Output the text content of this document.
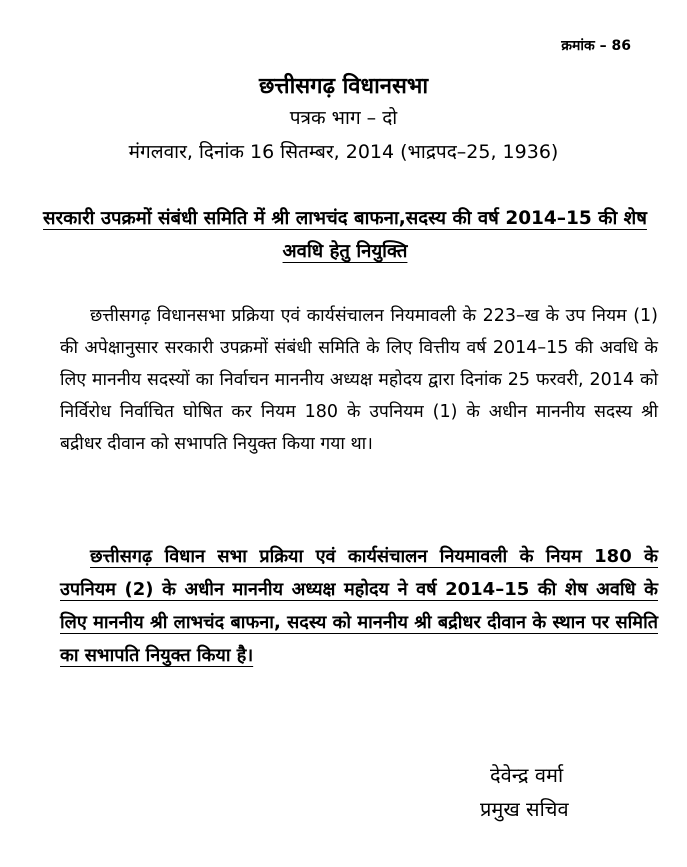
क्रमांक – 86
छत्तीसगढ़ विधानसभा
पत्रक भाग – दो
मंगलवार, दिनांक 16 सितम्बर, 2014 (भाद्रपद–25, 1936)
सरकारी उपक्रमों संबंधी समिति में श्री लाभचंद बाफना,सदस्य की वर्ष 2014–15 की शेष अवधि हेतु नियुक्ति
छत्तीसगढ़ विधानसभा प्रक्रिया एवं कार्यसंचालन नियमावली के 223–ख के उप नियम (1) की अपेक्षानुसार सरकारी उपक्रमों संबंधी समिति के लिए वित्तीय वर्ष 2014–15 की अवधि के लिए माननीय सदस्यों का निर्वाचन माननीय अध्यक्ष महोदय द्वारा दिनांक 25 फरवरी, 2014 को निर्विरोध निर्वाचित घोषित कर नियम 180 के उपनियम (1) के अधीन माननीय सदस्य श्री बद्रीधर दीवान को सभापति नियुक्त किया गया था।
छत्तीसगढ़ विधान सभा प्रक्रिया एवं कार्यसंचालन नियमावली के नियम 180 के उपनियम (2) के अधीन माननीय अध्यक्ष महोदय ने वर्ष 2014–15 की शेष अवधि के लिए माननीय श्री लाभचंद बाफना, सदस्य को माननीय श्री बद्रीधर दीवान के स्थान पर समिति का सभापति नियुक्त किया है।
देवेन्द्र वर्मा
प्रमुख सचिव
